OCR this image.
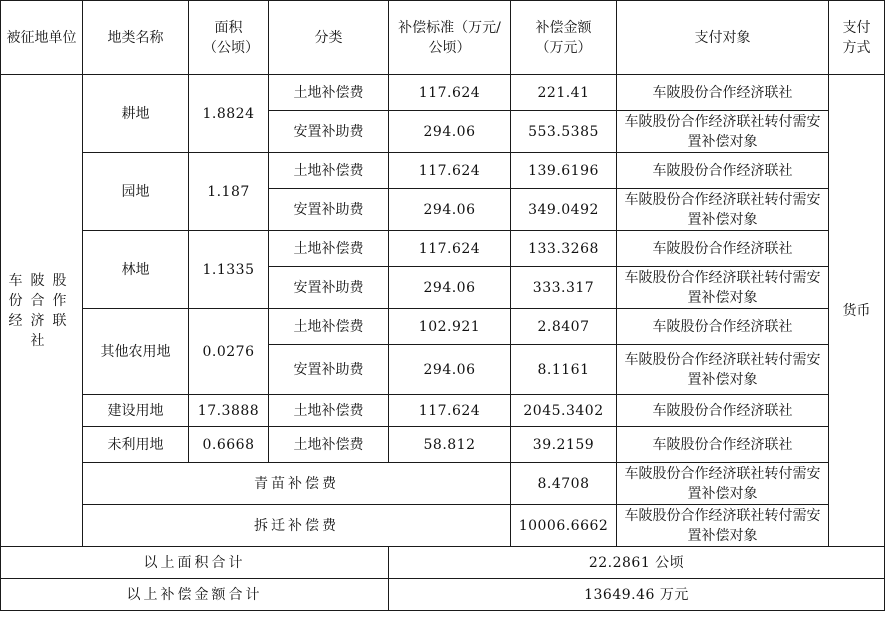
被征地单位	地类名称	面积（公顷）	分类	补偿标准（万元/公顷）	补偿金额（万元）	支付对象	支付方式
车陂股份合作经济联社	耕地	1.8824	土地补偿费	117.624	221.41	车陂股份合作经济联社	货币
			安置补助费	294.06	553.5385	车陂股份合作经济联社转付需安置补偿对象	
	园地	1.187	土地补偿费	117.624	139.6196	车陂股份合作经济联社	
			安置补助费	294.06	349.0492	车陂股份合作经济联社转付需安置补偿对象	
	林地	1.1335	土地补偿费	117.624	133.3268	车陂股份合作经济联社	
			安置补助费	294.06	333.317	车陂股份合作经济联社转付需安置补偿对象	
	其他农用地	0.0276	土地补偿费	102.921	2.8407	车陂股份合作经济联社	
			安置补助费	294.06	8.1161	车陂股份合作经济联社转付需安置补偿对象	
	建设用地	17.3888	土地补偿费	117.624	2045.3402	车陂股份合作经济联社	
	未利用地	0.6668	土地补偿费	58.812	39.2159	车陂股份合作经济联社	
	青苗补偿费				8.4708	车陂股份合作经济联社转付需安置补偿对象	
	拆迁补偿费				10006.6662	车陂股份合作经济联社转付需安置补偿对象	
以上面积合计				22.2861 公顷			
以上补偿金额合计				13649.46 万元			
